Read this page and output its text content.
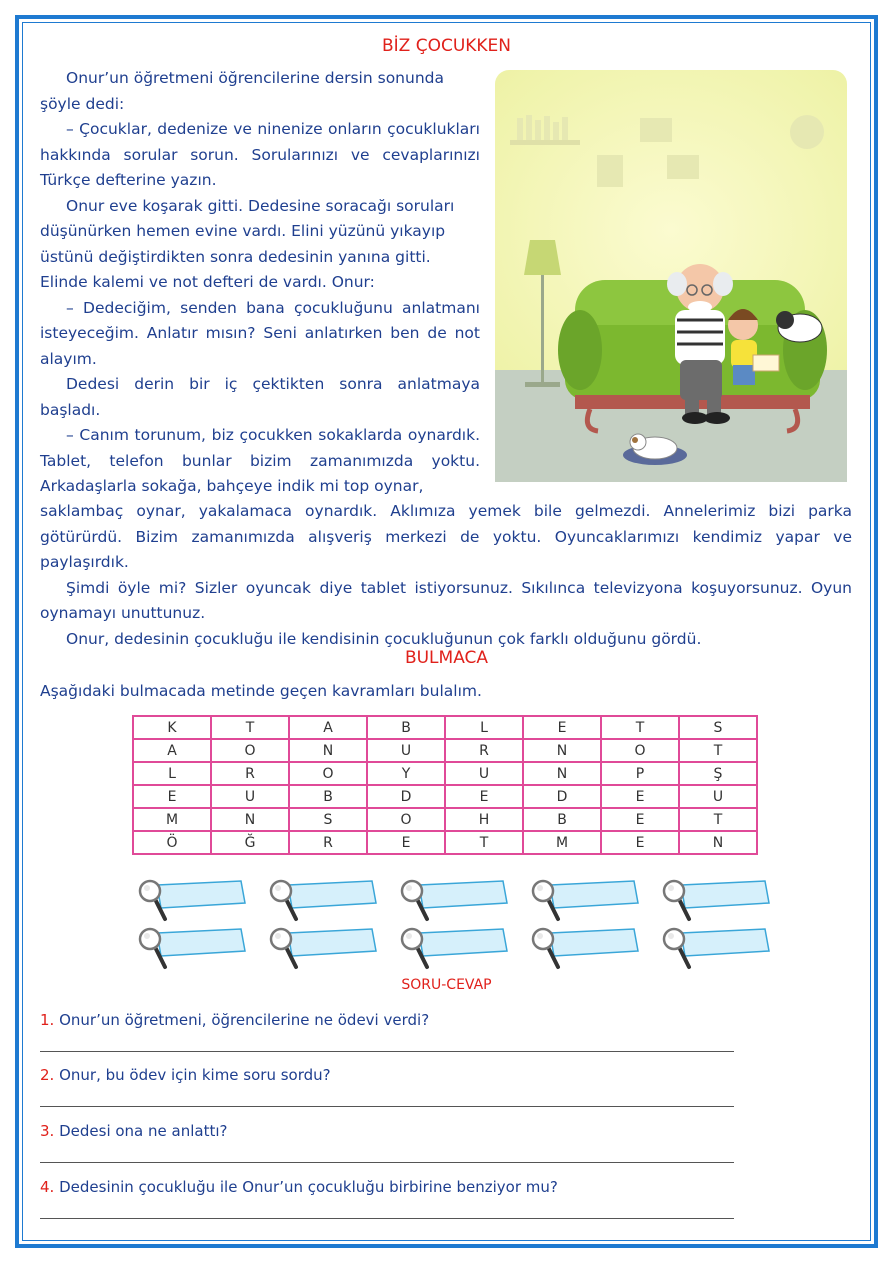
BİZ ÇOCUKKEN

Onur’un öğretmeni öğrencilerine dersin sonunda şöyle dedi:

– Çocuklar, dedenize ve ninenize onların çocuklukları hakkında sorular sorun. Sorularınızı ve cevaplarınızı Türkçe defterine yazın.

Onur eve koşarak gitti. Dedesine soracağı soruları düşünürken hemen evine vardı. Elini yüzünü yıkayıp üstünü değiştirdikten sonra dedesinin yanına gitti. Elinde kalemi ve not defteri de vardı. Onur:

– Dedeciğim, senden bana çocukluğunu anlatmanı isteyeceğim. Anlatır mısın? Seni anlatırken ben de not alayım.

Dedesi derin bir iç çektikten sonra anlatmaya başladı.

– Canım torunum, biz çocukken sokaklarda oynardık. Tablet, telefon bunlar bizim zamanımızda yoktu. Arkadaşlarla sokağa, bahçeye indik mi top oynar,

saklambaç oynar, yakalamaca oynardık. Aklımıza yemek bile gelmezdi. Annelerimiz bizi parka götürürdü. Bizim zamanımızda alışveriş merkezi de yoktu. Oyuncaklarımızı kendimiz yapar ve paylaşırdık.

Şimdi öyle mi? Sizler oyuncak diye tablet istiyorsunuz. Sıkılınca televizyona koşuyorsunuz. Oyun oynamayı unuttunuz.

Onur, dedesinin çocukluğu ile kendisinin çocukluğunun çok farklı olduğunu gördü.

BULMACA
Aşağıdaki bulmacada metinde geçen kavramları bulalım.
K	T	A	B	L	E	T	S
A	O	N	U	R	N	O	T
L	R	O	Y	U	N	P	Ş
E	U	B	D	E	D	E	U
M	N	S	O	H	B	E	T
Ö	Ğ	R	E	T	M	E	N
SORU-CEVAP
1. Onur’un öğretmeni, öğrencilerine ne ödevi verdi?
2. Onur, bu ödev için kime soru sordu?
3. Dedesi ona ne anlattı?
4. Dedesinin çocukluğu ile Onur’un çocukluğu birbirine benziyor mu?
